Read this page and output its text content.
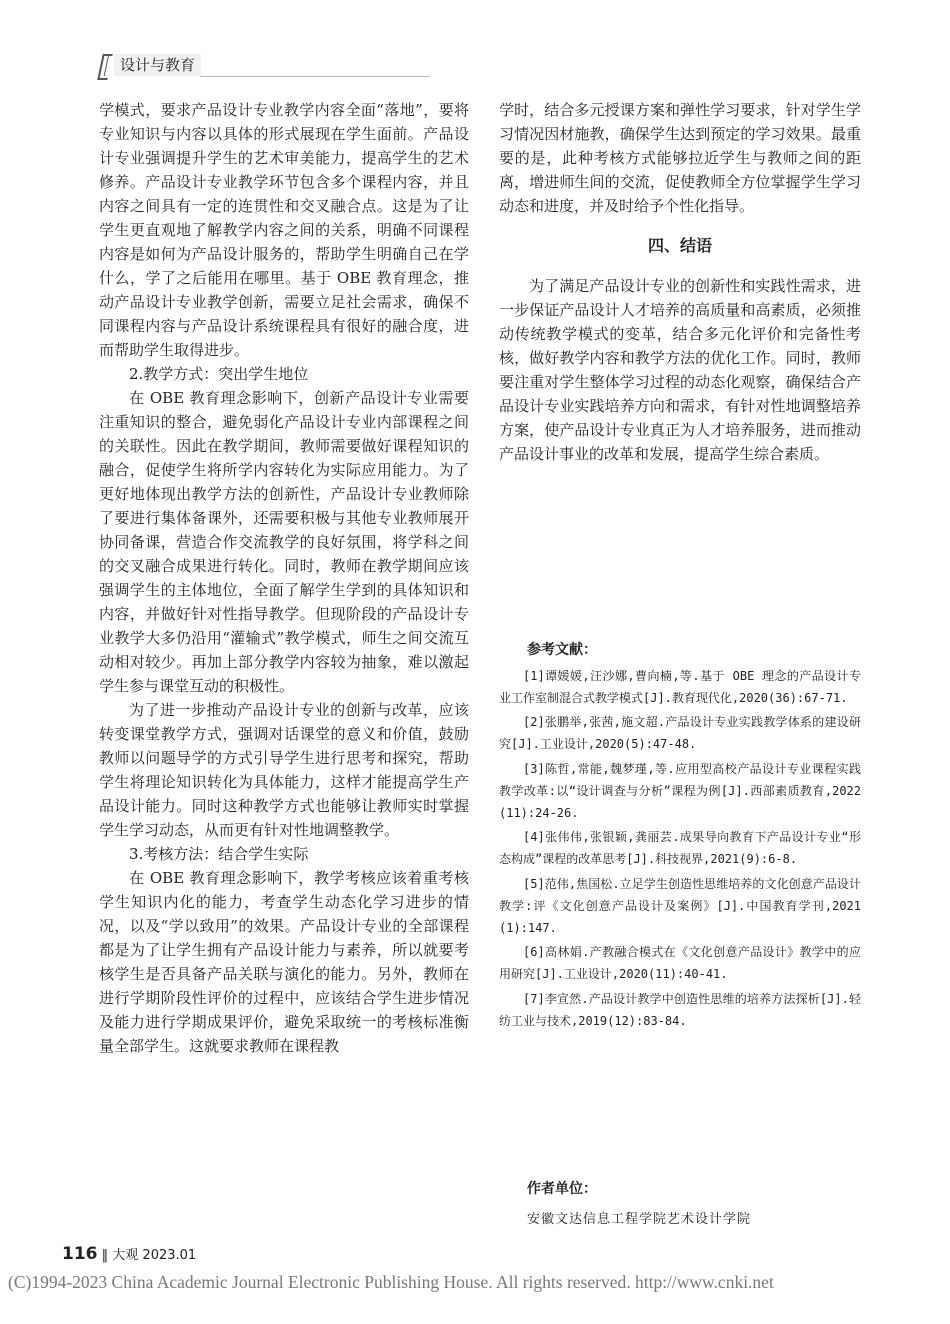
设计与教育

学模式，要求产品设计专业教学内容全面“落地”，要将专业知识与内容以具体的形式展现在学生面前。产品设计专业强调提升学生的艺术审美能力，提高学生的艺术修养。产品设计专业教学环节包含多个课程内容，并且内容之间具有一定的连贯性和交叉融合点。这是为了让学生更直观地了解教学内容之间的关系，明确不同课程内容是如何为产品设计服务的，帮助学生明确自己在学什么，学了之后能用在哪里。基于 OBE 教育理念，推动产品设计专业教学创新，需要立足社会需求，确保不同课程内容与产品设计系统课程具有很好的融合度，进而帮助学生取得进步。

2.教学方式：突出学生地位

在 OBE 教育理念影响下，创新产品设计专业需要注重知识的整合，避免弱化产品设计专业内部课程之间的关联性。因此在教学期间，教师需要做好课程知识的融合，促使学生将所学内容转化为实际应用能力。为了更好地体现出教学方法的创新性，产品设计专业教师除了要进行集体备课外，还需要积极与其他专业教师展开协同备课，营造合作交流教学的良好氛围，将学科之间的交叉融合成果进行转化。同时，教师在教学期间应该强调学生的主体地位，全面了解学生学到的具体知识和内容，并做好针对性指导教学。但现阶段的产品设计专业教学大多仍沿用“灌输式”教学模式，师生之间交流互动相对较少。再加上部分教学内容较为抽象，难以激起学生参与课堂互动的积极性。

为了进一步推动产品设计专业的创新与改革，应该转变课堂教学方式，强调对话课堂的意义和价值，鼓励教师以问题导学的方式引导学生进行思考和探究，帮助学生将理论知识转化为具体能力，这样才能提高学生产品设计能力。同时这种教学方式也能够让教师实时掌握学生学习动态，从而更有针对性地调整教学。

3.考核方法：结合学生实际

在 OBE 教育理念影响下，教学考核应该着重考核学生知识内化的能力，考查学生动态化学习进步的情况，以及“学以致用”的效果。产品设计专业的全部课程都是为了让学生拥有产品设计能力与素养，所以就要考核学生是否具备产品关联与演化的能力。另外，教师在进行学期阶段性评价的过程中，应该结合学生进步情况及能力进行学期成果评价，避免采取统一的考核标准衡量全部学生。这就要求教师在课程教

学时，结合多元授课方案和弹性学习要求，针对学生学习情况因材施教，确保学生达到预定的学习效果。最重要的是，此种考核方式能够拉近学生与教师之间的距离，增进师生间的交流，促使教师全方位掌握学生学习动态和进度，并及时给予个性化指导。

四、结语

为了满足产品设计专业的创新性和实践性需求，进一步保证产品设计人才培养的高质量和高素质，必须推动传统教学模式的变革，结合多元化评价和完备性考核，做好教学内容和教学方法的优化工作。同时，教师要注重对学生整体学习过程的动态化观察，确保结合产品设计专业实践培养方向和需求，有针对性地调整培养方案，使产品设计专业真正为人才培养服务，进而推动产品设计事业的改革和发展，提高学生综合素质。

参考文献：

[1]谭媛媛,汪沙娜,曹向楠,等.基于 OBE 理念的产品设计专业工作室制混合式教学模式[J].教育现代化,2020(36):67-71.

[2]张鹏举,张茜,施文超.产品设计专业实践教学体系的建设研究[J].工业设计,2020(5):47-48.

[3]陈哲,常能,魏梦瑾,等.应用型高校产品设计专业课程实践教学改革:以“设计调查与分析”课程为例[J].西部素质教育,2022(11):24-26.

[4]张伟伟,张银颖,龚丽芸.成果导向教育下产品设计专业“形态构成”课程的改革思考[J].科技视界,2021(9):6-8.

[5]范伟,焦国松.立足学生创造性思维培养的文化创意产品设计教学:评《文化创意产品设计及案例》[J].中国教育学刊,2021(1):147.

[6]高林娟.产教融合模式在《文化创意产品设计》教学中的应用研究[J].工业设计,2020(11):40-41.

[7]李宣然.产品设计教学中创造性思维的培养方法探析[J].轻纺工业与技术,2019(12):83-84.

作者单位：
安徽文达信息工程学院艺术设计学院
116 ‖ 大观 2023.01
(C)1994-2023 China Academic Journal Electronic Publishing House. All rights reserved. http://www.cnki.net
